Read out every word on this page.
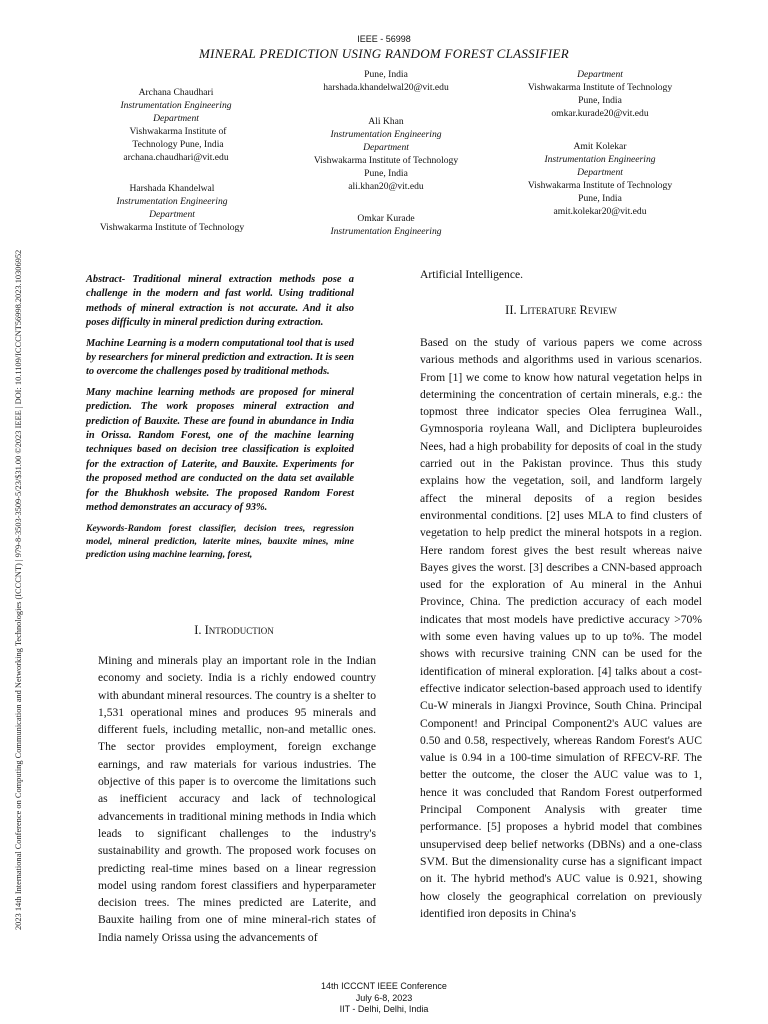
IEEE - 56998
MINERAL PREDICTION USING RANDOM FOREST CLASSIFIER
2023 14th International Conference on Computing Communication and Networking Technologies (ICCCNT) | 979-8-3503-3509-5/23/$31.00 ©2023 IEEE | DOI: 10.1109/ICCCNT56998.2023.10306952
Archana Chaudhari
Instrumentation Engineering
Department
Vishwakarma Institute of Technology Pune, India
archana.chaudhari@vit.edu
Harshada Khandelwal
Instrumentation Engineering
Department
Vishwakarma Institute of Technology
Pune, India
harshada.khandelwal20@vit.edu
Ali Khan
Instrumentation Engineering
Department
Vishwakarma Institute of Technology
Pune, India
ali.khan20@vit.edu
Omkar Kurade
Instrumentation Engineering
Department
Vishwakarma Institute of Technology
Pune, India
omkar.kurade20@vit.edu
Amit Kolekar
Instrumentation Engineering
Department
Vishwakarma Institute of Technology
Pune, India
amit.kolekar20@vit.edu

Abstract- Traditional mineral extraction methods pose a challenge in the modern and fast world. Using traditional methods of mineral extraction is not accurate. And it also poses difficulty in mineral prediction during extraction.

Machine Learning is a modern computational tool that is used by researchers for mineral prediction and extraction. It is seen to overcome the challenges posed by traditional methods.

Many machine learning methods are proposed for mineral prediction. The work proposes mineral extraction and prediction of Bauxite. These are found in abundance in India in Orissa. Random Forest, one of the machine learning techniques based on decision tree classification is exploited for the extraction of Laterite, and Bauxite. Experiments for the proposed method are conducted on the data set available for the Bhukhosh website. The proposed Random Forest method demonstrates an accuracy of 93%.

Keywords-Random forest classifier, decision trees, regression model, mineral prediction, laterite mines, bauxite mines, mine prediction using machine learning, forest,

I. Introduction

Mining and minerals play an important role in the Indian economy and society. India is a richly endowed country with abundant mineral resources. The country is a shelter to 1,531 operational mines and produces 95 minerals and different fuels, including metallic, non-and metallic ones. The sector provides employment, foreign exchange earnings, and raw materials for various industries. The objective of this paper is to overcome the limitations such as inefficient accuracy and lack of technological advancements in traditional mining methods in India which leads to significant challenges to the industry's sustainability and growth. The proposed work focuses on predicting real-time mines based on a linear regression model using random forest classifiers and hyperparameter decision trees. The mines predicted are Laterite, and Bauxite hailing from one of mine mineral-rich states of India namely Orissa using the advancements of

Artificial Intelligence.
II. Literature Review

Based on the study of various papers we come across various methods and algorithms used in various scenarios. From [1] we come to know how natural vegetation helps in determining the concentration of certain minerals, e.g.: the topmost three indicator species Olea ferruginea Wall., Gymnosporia royleana Wall, and Dicliptera bupleuroides Nees, had a high probability for deposits of coal in the study carried out in the Pakistan province. Thus this study explains how the vegetation, soil, and landform largely affect the mineral deposits of a region besides environmental conditions. [2] uses MLA to find clusters of vegetation to help predict the mineral hotspots in a region. Here random forest gives the best result whereas naive Bayes gives the worst. [3] describes a CNN-based approach used for the exploration of Au mineral in the Anhui Province, China. The prediction accuracy of each model indicates that most models have predictive accuracy >70% with some even having values up to up to%. The model shows with recursive training CNN can be used for the identification of mineral exploration. [4] talks about a cost-effective indicator selection-based approach used to identify Cu-W minerals in Jiangxi Province, South China. Principal Component! and Principal Component2's AUC values are 0.50 and 0.58, respectively, whereas Random Forest's AUC value is 0.94 in a 100-time simulation of RFECV-RF. The better the outcome, the closer the AUC value was to 1, hence it was concluded that Random Forest outperformed Principal Component Analysis with greater time performance. [5] proposes a hybrid model that combines unsupervised deep belief networks (DBNs) and a one-class SVM. But the dimensionality curse has a significant impact on it. The hybrid method's AUC value is 0.921, showing how closely the geographical correlation on previously identified iron deposits in China's

14th ICCCNT IEEE Conference
July 6-8, 2023
IIT - Delhi, Delhi, India
